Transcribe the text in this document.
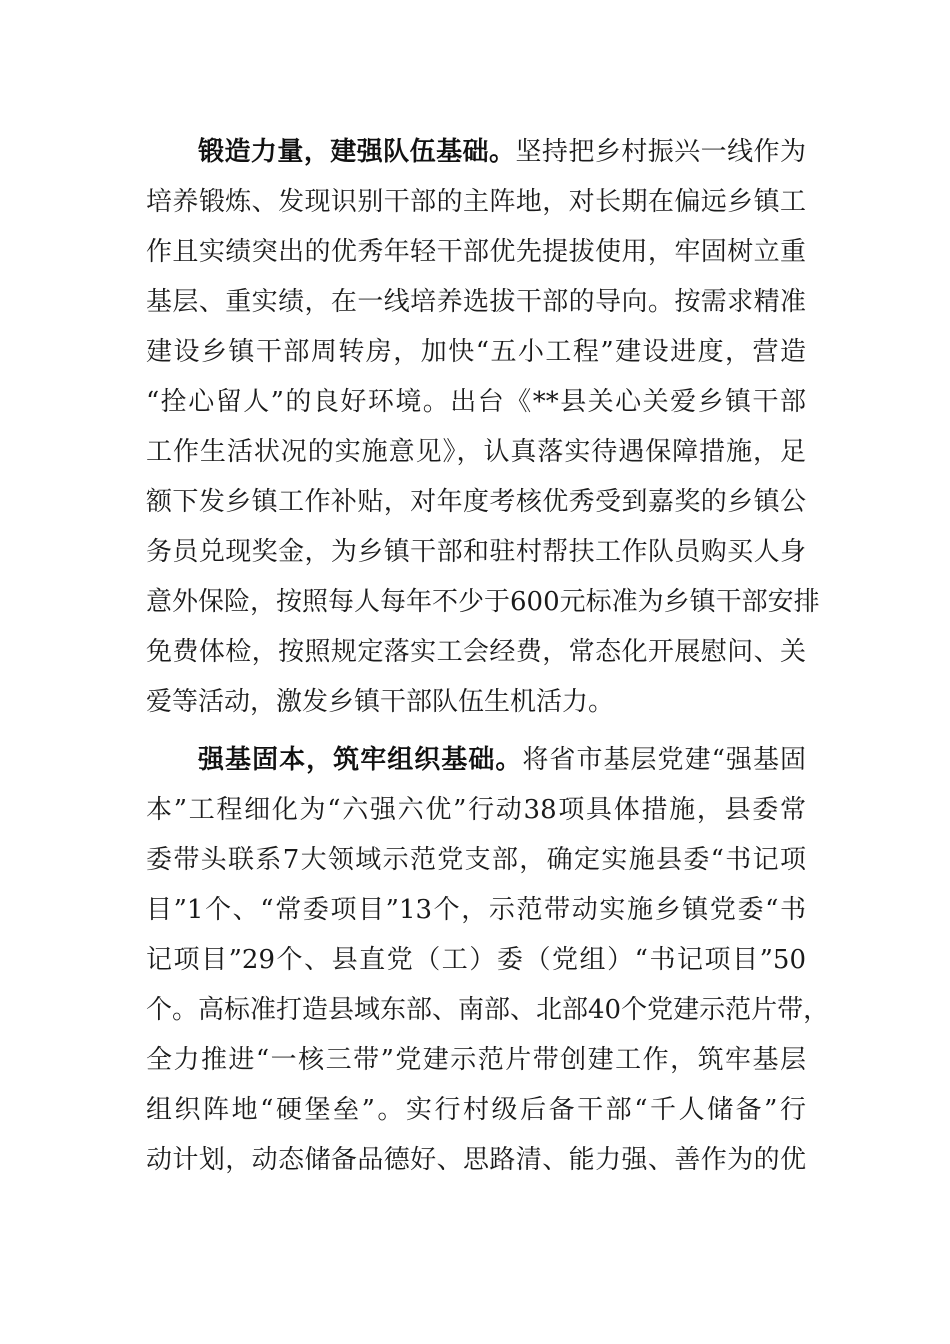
锻造力量，建强队伍基础。坚持把乡村振兴一线作为
培养锻炼、发现识别干部的主阵地，对长期在偏远乡镇工
作且实绩突出的优秀年轻干部优先提拔使用，牢固树立重
基层、重实绩，在一线培养选拔干部的导向。按需求精准
建设乡镇干部周转房，加快“五小工程”建设进度，营造
“拴心留人”的良好环境。出台《**县关心关爱乡镇干部
工作生活状况的实施意见》，认真落实待遇保障措施，足
额下发乡镇工作补贴，对年度考核优秀受到嘉奖的乡镇公
务员兑现奖金，为乡镇干部和驻村帮扶工作队员购买人身
意外保险，按照每人每年不少于600元标准为乡镇干部安排
免费体检，按照规定落实工会经费，常态化开展慰问、关
爱等活动，激发乡镇干部队伍生机活力。
强基固本，筑牢组织基础。将省市基层党建“强基固
本”工程细化为“六强六优”行动38项具体措施，县委常
委带头联系7大领域示范党支部，确定实施县委“书记项
目”1个、“常委项目”13个，示范带动实施乡镇党委“书
记项目”29个、县直党（工）委（党组）“书记项目”50
个。高标准打造县域东部、南部、北部40个党建示范片带，
全力推进“一核三带”党建示范片带创建工作，筑牢基层
组织阵地“硬堡垒”。实行村级后备干部“千人储备”行
动计划，动态储备品德好、思路清、能力强、善作为的优
